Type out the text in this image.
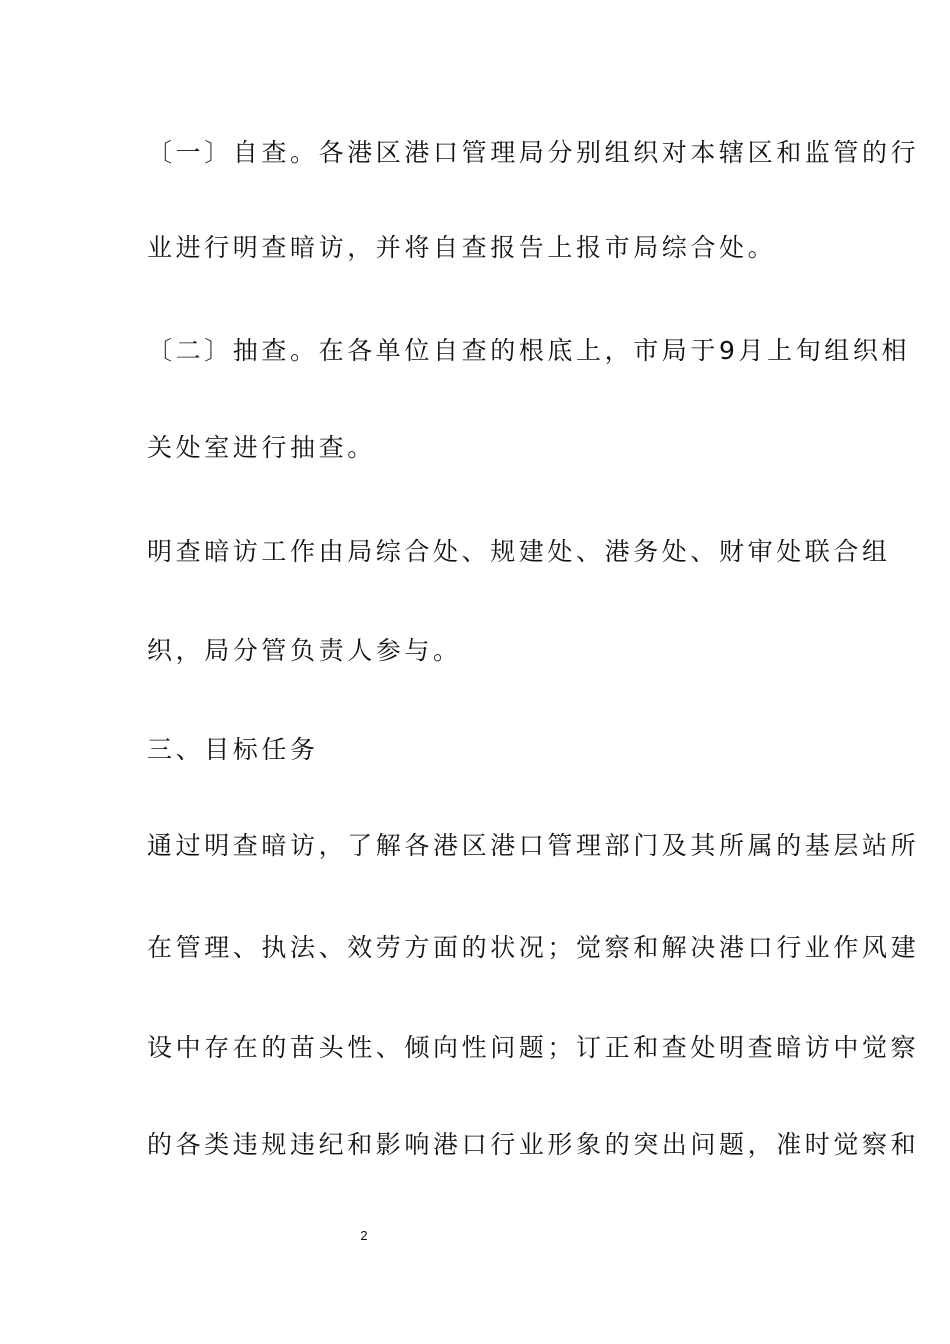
〔一〕自查。各港区港口管理局分别组织对本辖区和监管的行
业进行明查暗访，并将自查报告上报市局综合处。
〔二〕抽查。在各单位自查的根底上，市局于9月上旬组织相
关处室进行抽查。
明查暗访工作由局综合处、规建处、港务处、财审处联合组
织，局分管负责人参与。
三、目标任务
通过明查暗访，了解各港区港口管理部门及其所属的基层站所
在管理、执法、效劳方面的状况；觉察和解决港口行业作风建
设中存在的苗头性、倾向性问题；订正和查处明查暗访中觉察
的各类违规违纪和影响港口行业形象的突出问题，准时觉察和
2
